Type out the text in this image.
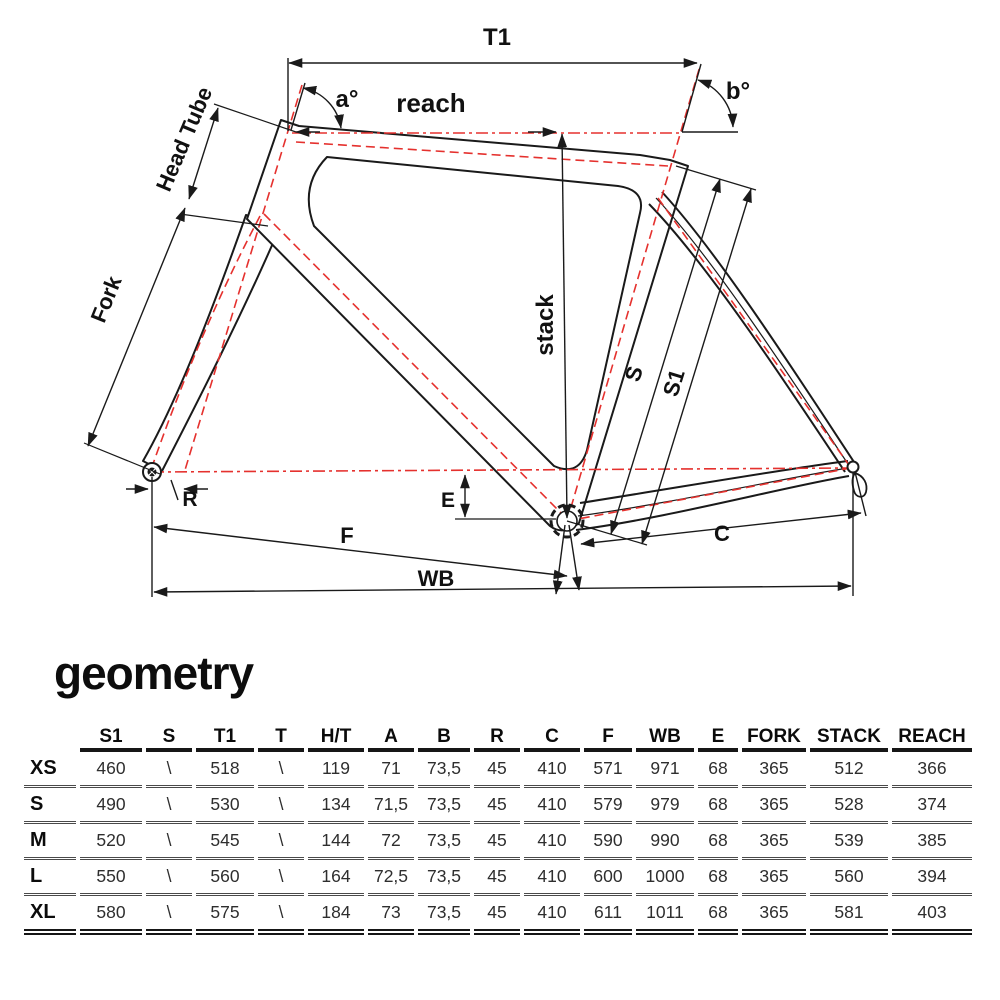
T1
a°	b°
reach
Head Tube
Fork	stack
S S1
R	E
F
WB
C
geometry
	S1	S	T1	T	H/T	A	B	R	C	F	WB	E	FORK	STACK	REACH
XS	460	\	518	\	119	71	73,5	45	410	571	971	68	365	512	366
S	490	\	530	\	134	71,5	73,5	45	410	579	979	68	365	528	374
M	520	\	545	\	144	72	73,5	45	410	590	990	68	365	539	385
L	550	\	560	\	164	72,5	73,5	45	410	600	1000	68	365	560	394
XL	580	\	575	\	184	73	73,5	45	410	611	1011	68	365	581	403
